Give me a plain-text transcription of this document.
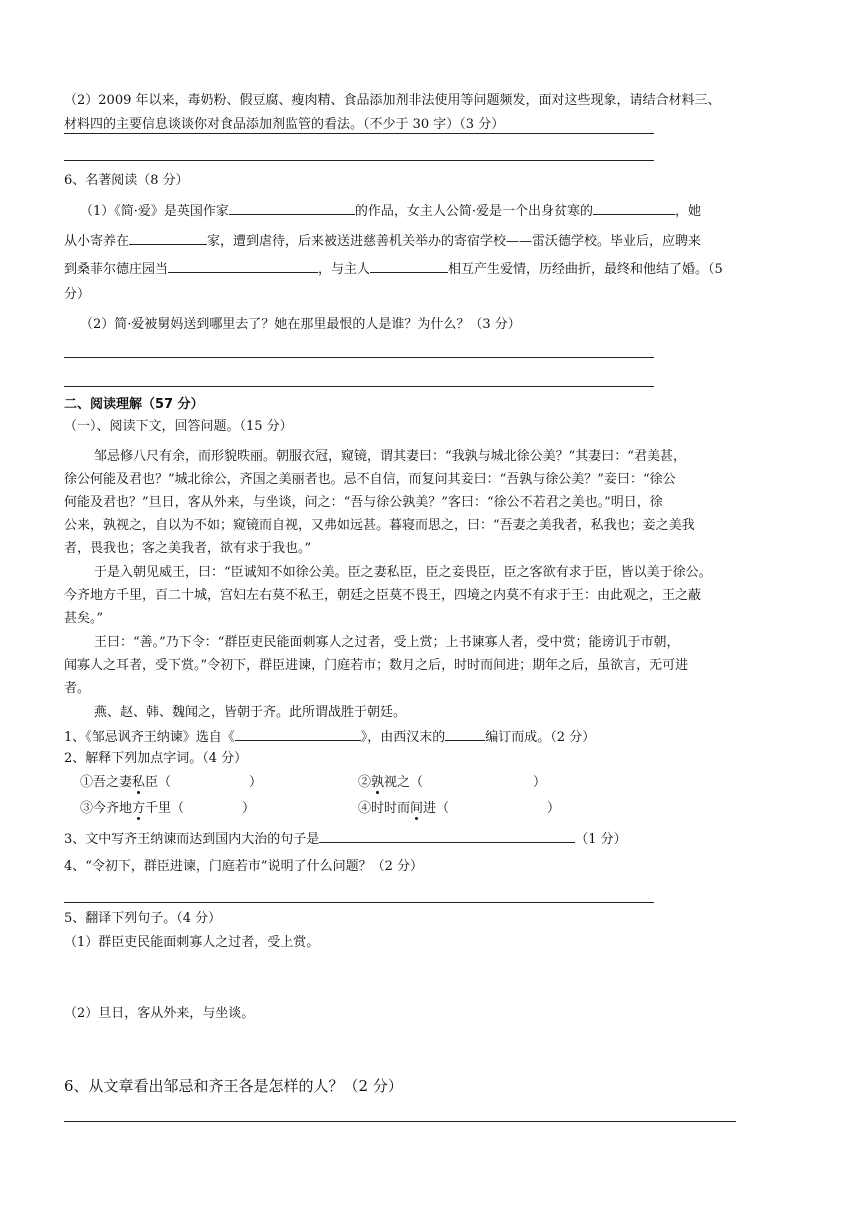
（2）2009 年以来，毒奶粉、假豆腐、瘦肉精、食品添加剂非法使用等问题频发，面对这些现象，请结合材料三、
材料四的主要信息谈谈你对食品添加剂监管的看法。（不少于 30 字）（3 分）
6、名著阅读（8 分）
（1）《简·爱》是英国作家	的作品，女主人公简·爱是一个出身贫寒的	，她
从小寄养在	家，遭到虐待，后来被送进慈善机关举办的寄宿学校——雷沃德学校。毕业后，应聘来
到桑菲尔德庄园当	，与主人	相互产生爱情，历经曲折，最终和他结了婚。（5
分）
（2）简·爱被舅妈送到哪里去了？她在那里最恨的人是谁？为什么？（3 分）
二、阅读理解（57 分）
（一）、阅读下文，回答问题。（15 分）
邹忌修八尺有余，而形貌昳丽。朝服衣冠，窥镜，谓其妻曰：“我孰与城北徐公美？”其妻曰：“君美甚，
徐公何能及君也？”城北徐公，齐国之美丽者也。忌不自信，而复问其妾曰：“吾孰与徐公美？”妾曰：“徐公
何能及君也？”旦日，客从外来，与坐谈，问之：“吾与徐公孰美？”客曰：“徐公不若君之美也。”明日，徐
公来，孰视之，自以为不如；窥镜而自视，又弗如远甚。暮寝而思之，曰：“吾妻之美我者，私我也；妾之美我
者，畏我也；客之美我者，欲有求于我也。”
于是入朝见威王，曰：“臣诚知不如徐公美。臣之妻私臣，臣之妾畏臣，臣之客欲有求于臣，皆以美于徐公。
今齐地方千里，百二十城，宫妇左右莫不私王，朝廷之臣莫不畏王，四境之内莫不有求于王：由此观之，王之蔽
甚矣。”
王曰：“善。”乃下令：“群臣吏民能面刺寡人之过者，受上赏；上书谏寡人者，受中赏；能谤讥于市朝，
闻寡人之耳者，受下赏。”令初下，群臣进谏，门庭若市；数月之后，时时而间进；期年之后，虽欲言，无可进
者。
燕、赵、韩、魏闻之，皆朝于齐。此所谓战胜于朝廷。
1、《邹忌讽齐王纳谏》选自《	》，由西汉末的	编订而成。（2 分）
2、解释下列加点字词。（4 分）
①吾之妻私臣（	）	②孰视之（	）
③今齐地方千里（	）	④时时而间进（	）
3、文中写齐王纳谏而达到国内大治的句子是	（1 分）
4、“令初下，群臣进谏，门庭若市”说明了什么问题？（2 分）
5、翻译下列句子。（4 分）
（1）群臣吏民能面刺寡人之过者，受上赏。
（2）旦日，客从外来，与坐谈。
6、从文章看出邹忌和齐王各是怎样的人？（2 分）
